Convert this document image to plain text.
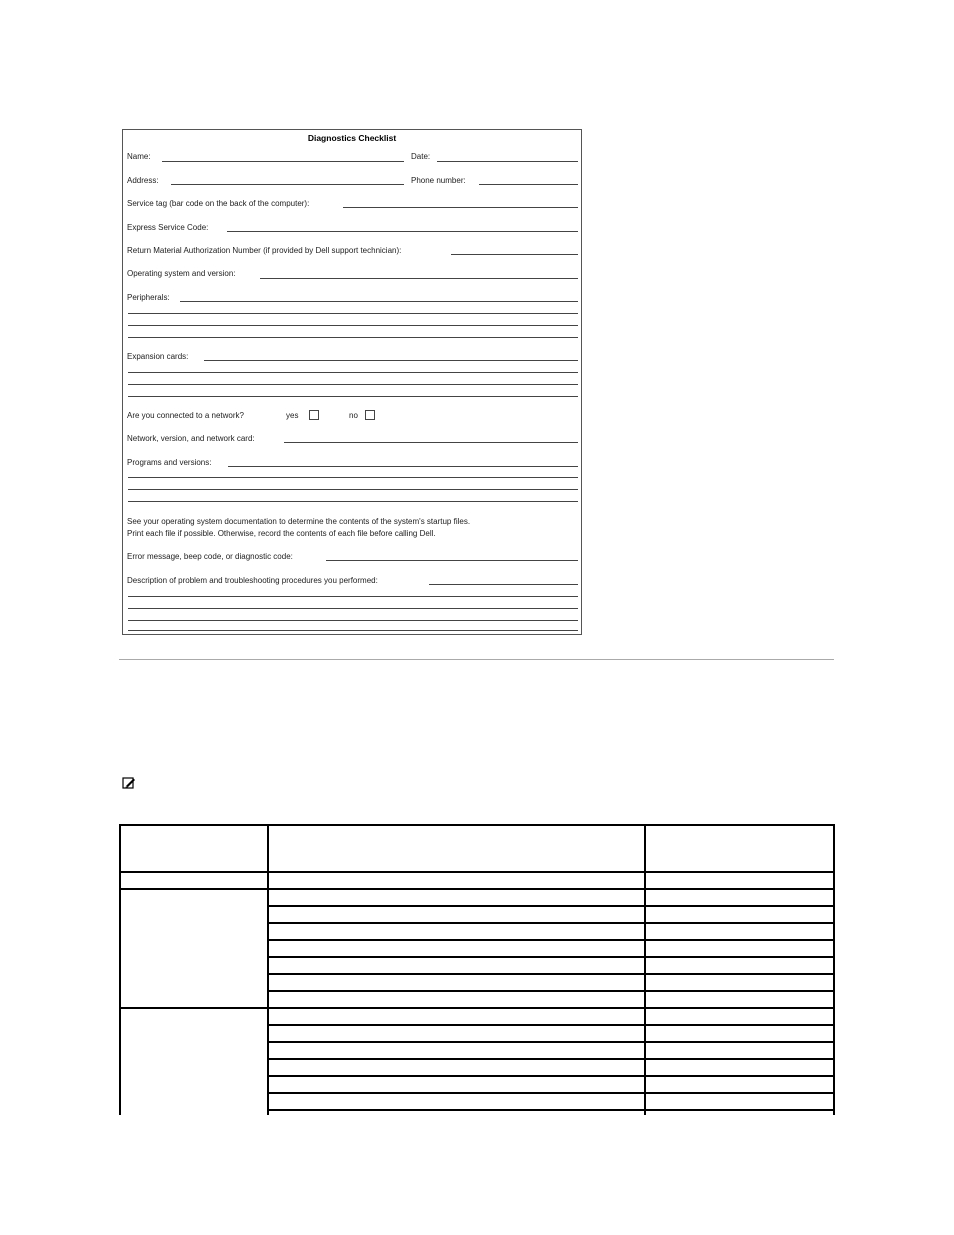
Diagnostics Checklist
Name:	Date:
Address:	Phone number:
Service tag (bar code on the back of the computer):
Express Service Code:
Return Material Authorization Number (if provided by Dell support technician):
Operating system and version:
Peripherals:
Expansion cards:
Are you connected to a network?	yes	no
Network, version, and network card:
Programs and versions:
See your operating system documentation to determine the contents of the system's startup files.
Print each file if possible. Otherwise, record the contents of each file before calling Dell.
Error message, beep code, or diagnostic code:
Description of problem and troubleshooting procedures you performed:
